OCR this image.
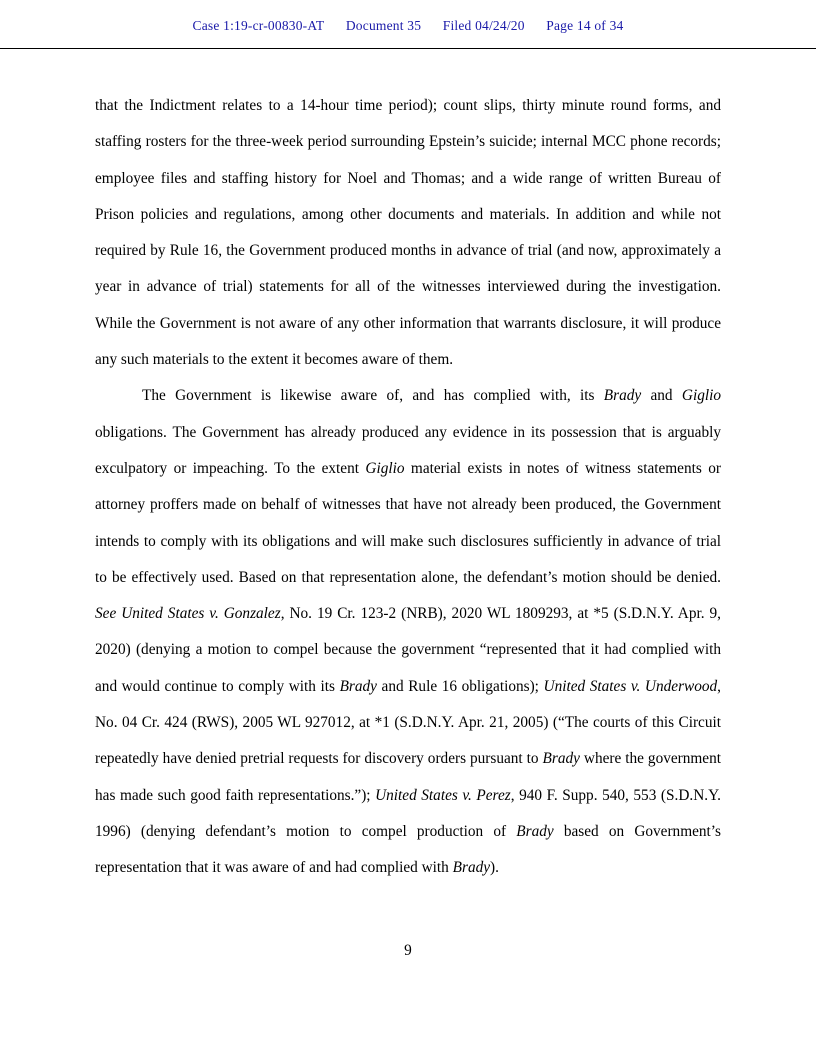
Case 1:19-cr-00830-AT Document 35 Filed 04/24/20 Page 14 of 34

that the Indictment relates to a 14-hour time period); count slips, thirty minute round forms, and staffing rosters for the three-week period surrounding Epstein’s suicide; internal MCC phone records; employee files and staffing history for Noel and Thomas; and a wide range of written Bureau of Prison policies and regulations, among other documents and materials. In addition and while not required by Rule 16, the Government produced months in advance of trial (and now, approximately a year in advance of trial) statements for all of the witnesses interviewed during the investigation. While the Government is not aware of any other information that warrants disclosure, it will produce any such materials to the extent it becomes aware of them.

The Government is likewise aware of, and has complied with, its Brady and Giglio obligations. The Government has already produced any evidence in its possession that is arguably exculpatory or impeaching. To the extent Giglio material exists in notes of witness statements or attorney proffers made on behalf of witnesses that have not already been produced, the Government intends to comply with its obligations and will make such disclosures sufficiently in advance of trial to be effectively used. Based on that representation alone, the defendant’s motion should be denied. See United States v. Gonzalez, No. 19 Cr. 123-2 (NRB), 2020 WL 1809293, at *5 (S.D.N.Y. Apr. 9, 2020) (denying a motion to compel because the government “represented that it had complied with and would continue to comply with its Brady and Rule 16 obligations); United States v. Underwood, No. 04 Cr. 424 (RWS), 2005 WL 927012, at *1 (S.D.N.Y. Apr. 21, 2005) (“The courts of this Circuit repeatedly have denied pretrial requests for discovery orders pursuant to Brady where the government has made such good faith representations.”); United States v. Perez, 940 F. Supp. 540, 553 (S.D.N.Y. 1996) (denying defendant’s motion to compel production of Brady based on Government’s representation that it was aware of and had complied with Brady).

9
